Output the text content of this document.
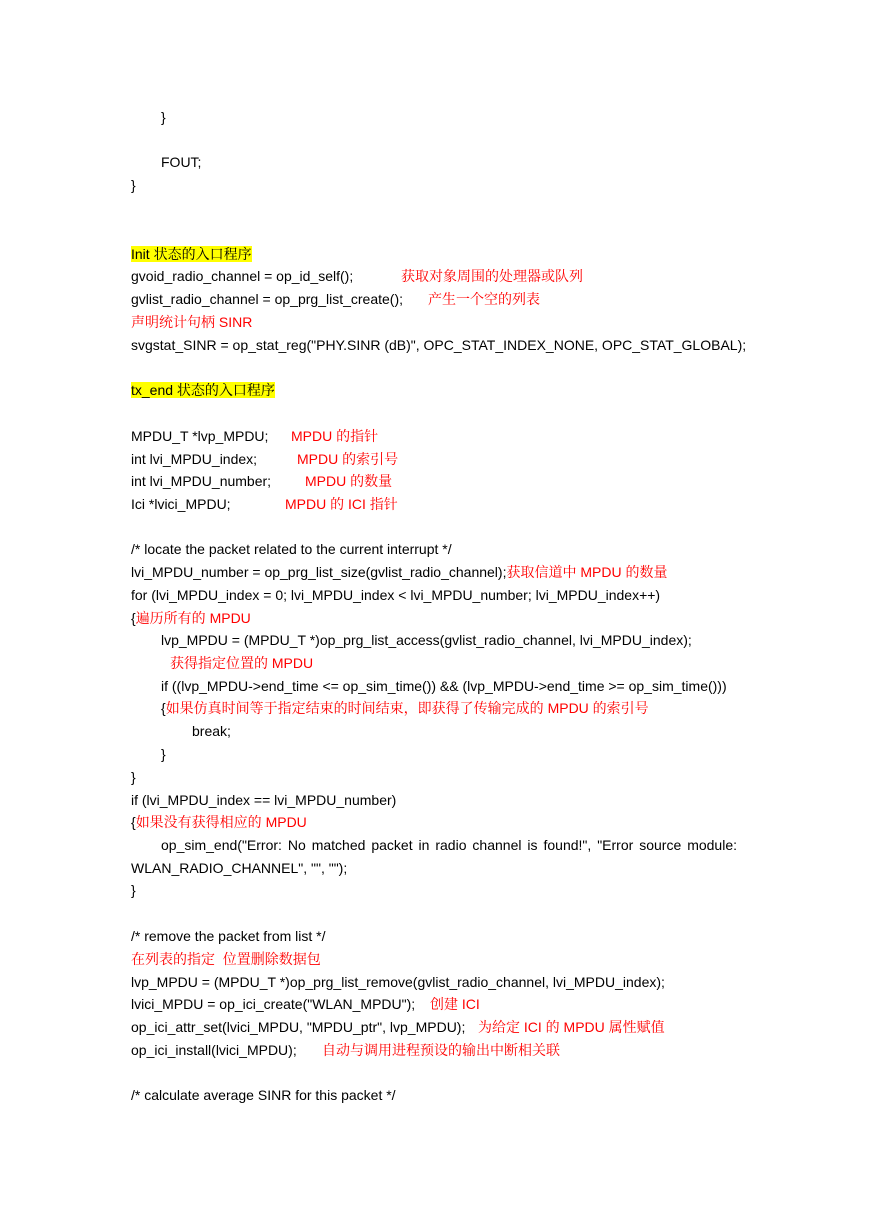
}
FOUT;
}
Init 状态的入口程序
gvoid_radio_channel = op_id_self();	获取对象周围的处理器或队列
gvlist_radio_channel = op_prg_list_create(); 产生一个空的列表
声明统计句柄 SINR
svgstat_SINR = op_stat_reg("PHY.SINR (dB)", OPC_STAT_INDEX_NONE, OPC_STAT_GLOBAL);
tx_end 状态的入口程序
MPDU_T *lvp_MPDU; MPDU 的指针
int lvi_MPDU_index;	MPDU 的索引号
int lvi_MPDU_number; MPDU 的数量
Ici *lvici_MPDU;	MPDU 的 ICI 指针
/* locate the packet related to the current interrupt */
lvi_MPDU_number = op_prg_list_size(gvlist_radio_channel);获取信道中 MPDU 的数量
for (lvi_MPDU_index = 0; lvi_MPDU_index < lvi_MPDU_number; lvi_MPDU_index++)
{遍历所有的 MPDU
lvp_MPDU = (MPDU_T *)op_prg_list_access(gvlist_radio_channel, lvi_MPDU_index);
获得指定位置的 MPDU
if ((lvp_MPDU->end_time <= op_sim_time()) && (lvp_MPDU->end_time >= op_sim_time()))
{如果仿真时间等于指定结束的时间结束，即获得了传输完成的 MPDU 的索引号
break;
}
}
if (lvi_MPDU_index == lvi_MPDU_number)
{如果没有获得相应的 MPDU
op_sim_end("Error: No matched packet in radio channel is found!", "Error source module:
WLAN_RADIO_CHANNEL", "", "");
}
/* remove the packet from list */
在列表的指定  位置删除数据包
lvp_MPDU = (MPDU_T *)op_prg_list_remove(gvlist_radio_channel, lvi_MPDU_index);
lvici_MPDU = op_ici_create("WLAN_MPDU"); 创建 ICI
op_ici_attr_set(lvici_MPDU, "MPDU_ptr", lvp_MPDU); 为给定 ICI 的 MPDU 属性赋值
op_ici_install(lvici_MPDU); 自动与调用进程预设的输出中断相关联
/* calculate average SINR for this packet */
